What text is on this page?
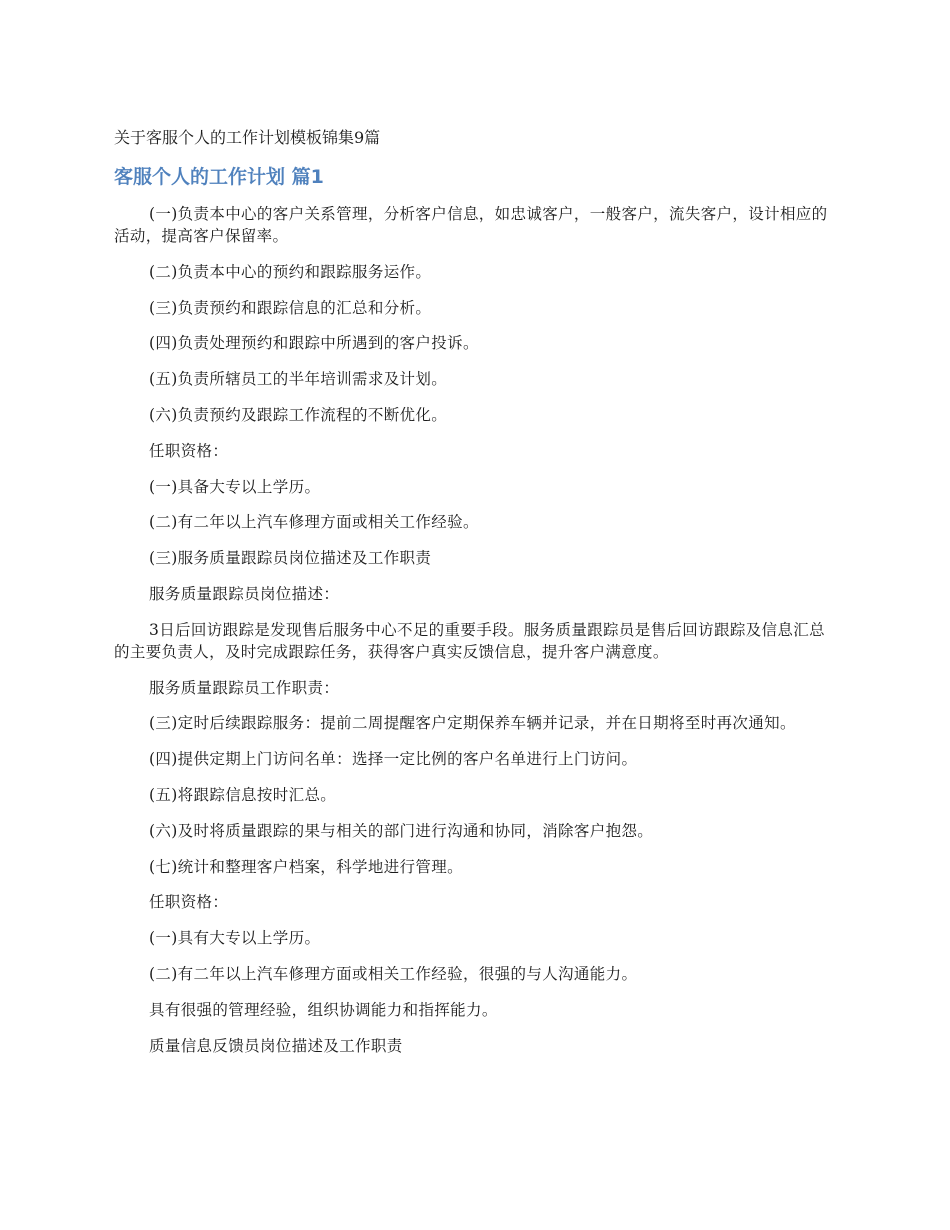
关于客服个人的工作计划模板锦集9篇
客服个人的工作计划 篇1

(一)负责本中心的客户关系管理，分析客户信息，如忠诚客户，一般客户，流失客户，设计相应的活动，提高客户保留率。

(二)负责本中心的预约和跟踪服务运作。

(三)负责预约和跟踪信息的汇总和分析。

(四)负责处理预约和跟踪中所遇到的客户投诉。

(五)负责所辖员工的半年培训需求及计划。

(六)负责预约及跟踪工作流程的不断优化。

任职资格：

(一)具备大专以上学历。

(二)有二年以上汽车修理方面或相关工作经验。

(三)服务质量跟踪员岗位描述及工作职责

服务质量跟踪员岗位描述：

3日后回访跟踪是发现售后服务中心不足的重要手段。服务质量跟踪员是售后回访跟踪及信息汇总的主要负责人，及时完成跟踪任务，获得客户真实反馈信息，提升客户满意度。

服务质量跟踪员工作职责：

(三)定时后续跟踪服务：提前二周提醒客户定期保养车辆并记录，并在日期将至时再次通知。

(四)提供定期上门访问名单：选择一定比例的客户名单进行上门访问。

(五)将跟踪信息按时汇总。

(六)及时将质量跟踪的果与相关的部门进行沟通和协同，消除客户抱怨。

(七)统计和整理客户档案，科学地进行管理。

任职资格：

(一)具有大专以上学历。

(二)有二年以上汽车修理方面或相关工作经验，很强的与人沟通能力。

具有很强的管理经验，组织协调能力和指挥能力。

质量信息反馈员岗位描述及工作职责
